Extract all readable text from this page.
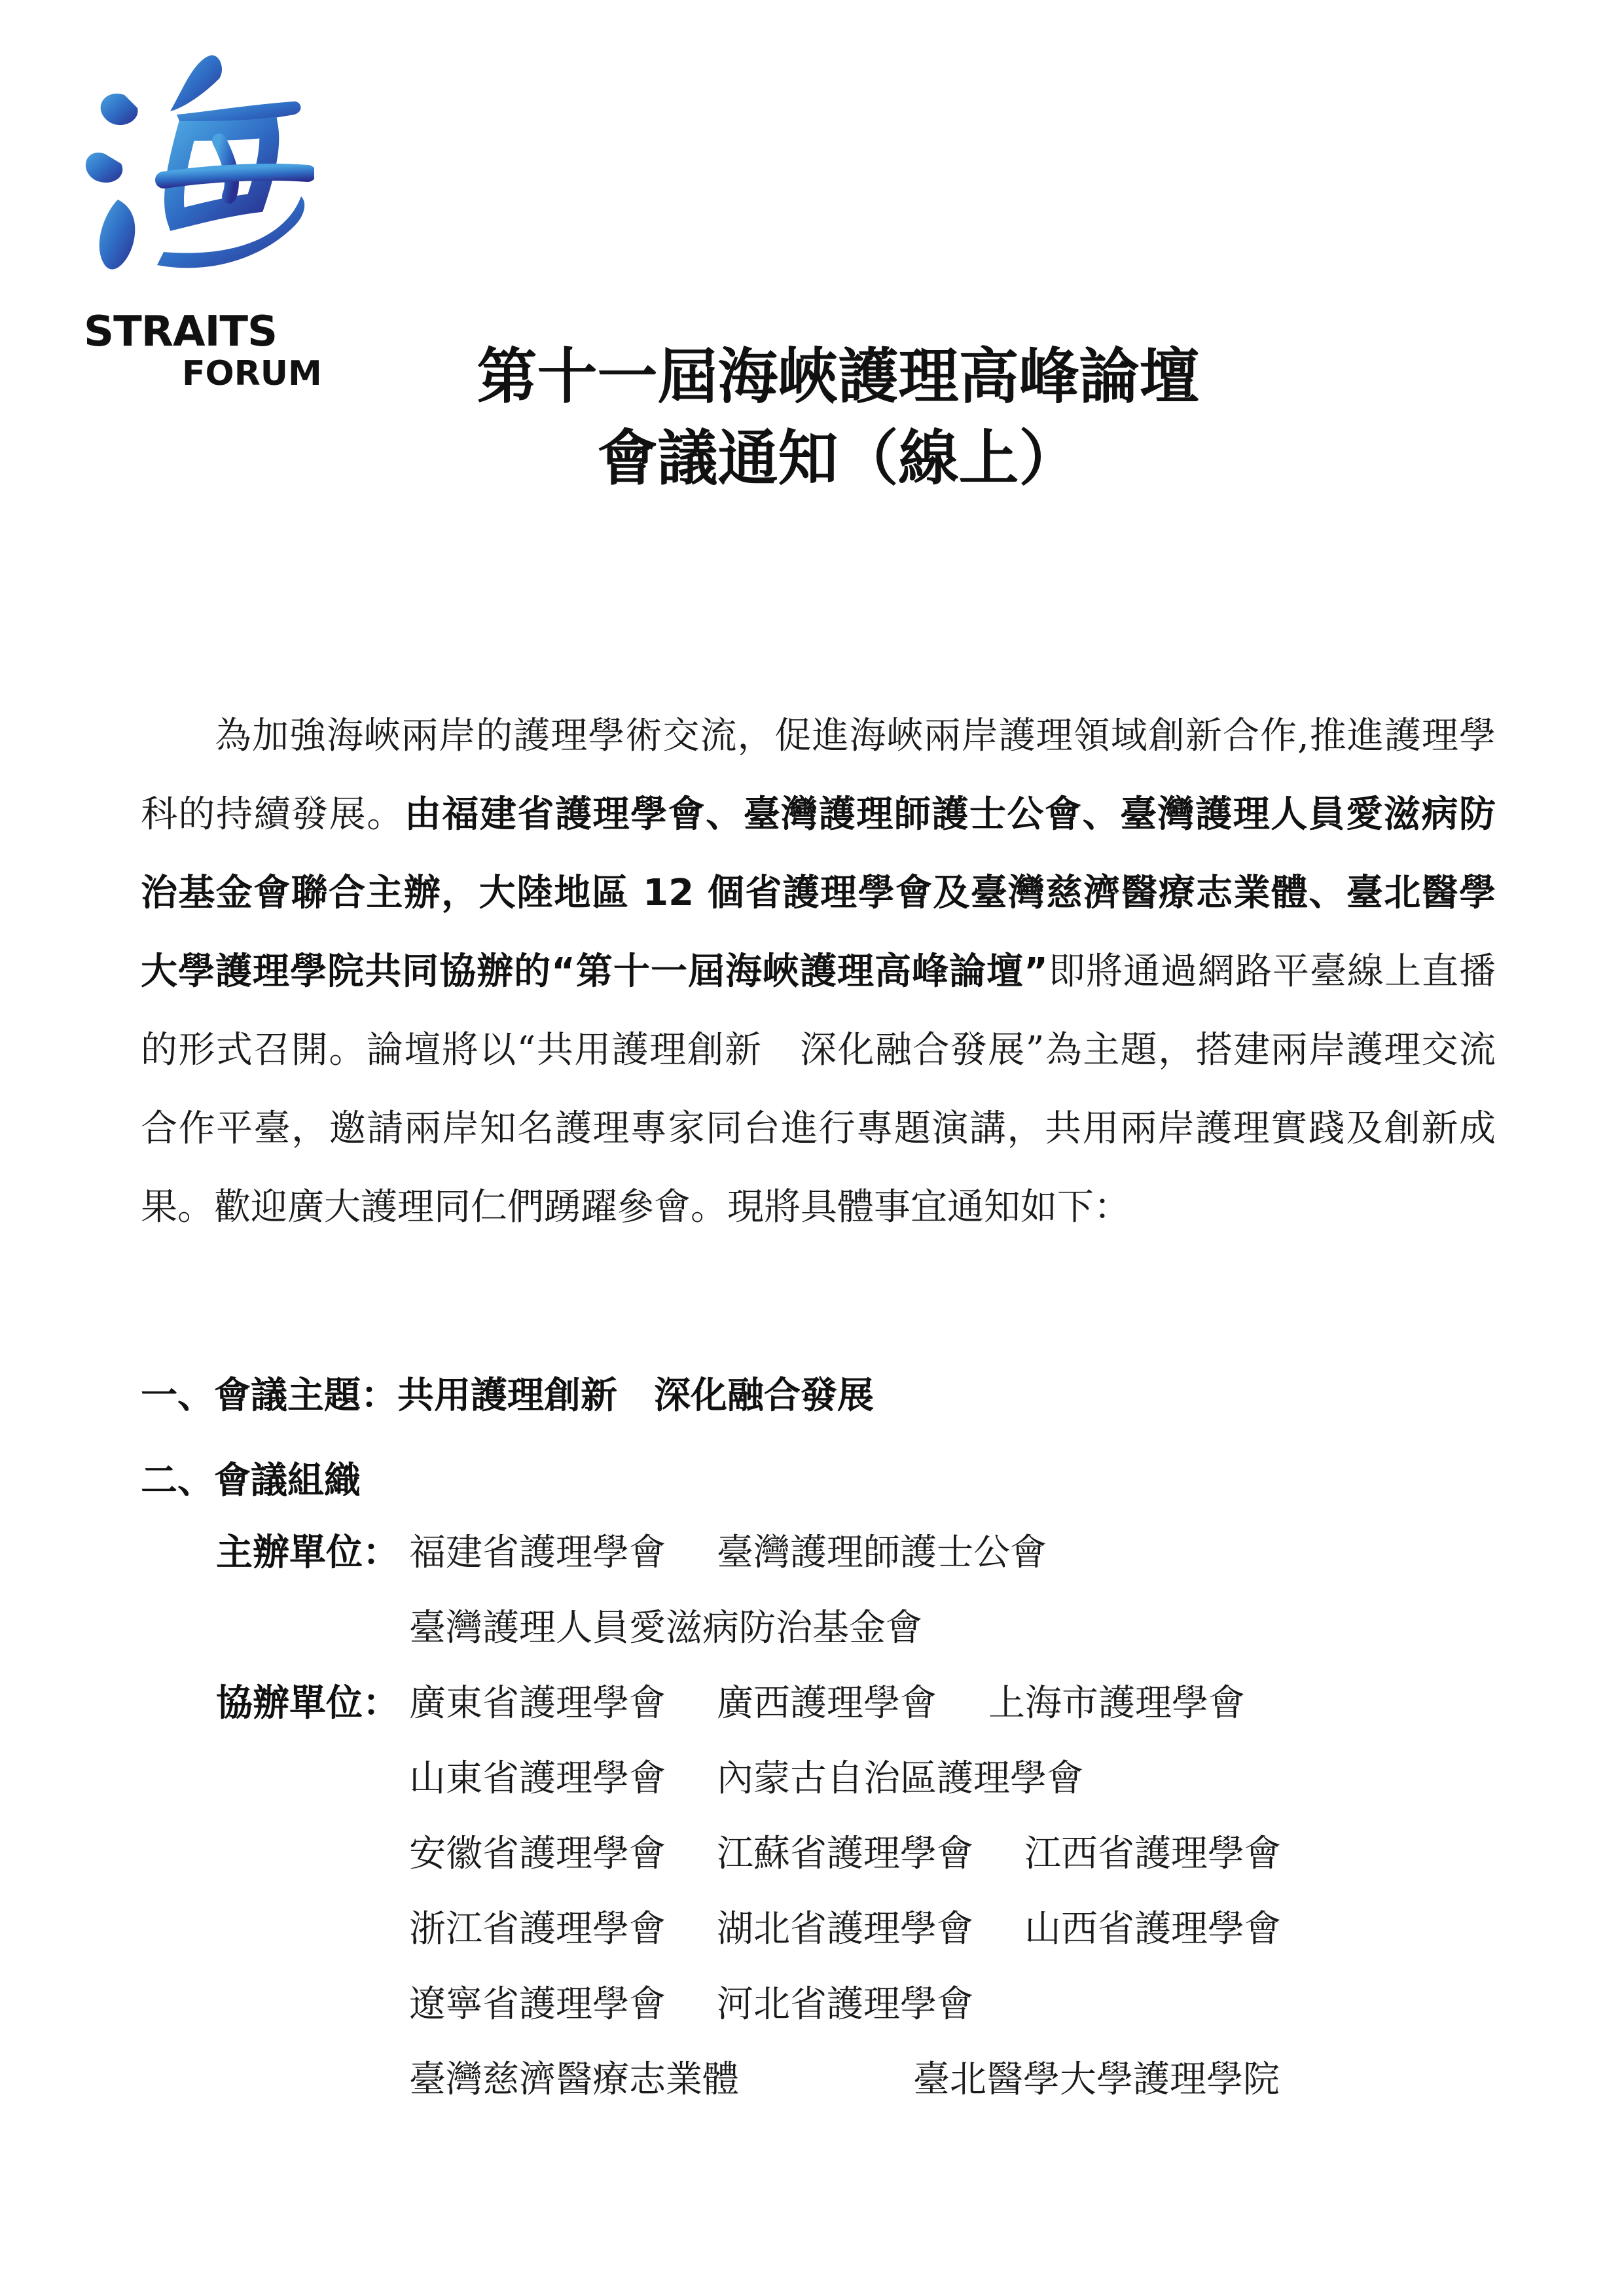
STRAITS
FORUM	第十一屆海峽護理高峰論壇
會議通知（線上）
為加強海峽兩岸的護理學術交流，促進海峽兩岸護理領域創新合作,推進護理學科的持續發展。由福建省護理學會、臺灣護理師護士公會、臺灣護理人員愛滋病防治基金會聯合主辦，大陸地區 12 個省護理學會及臺灣慈濟醫療志業體、臺北醫學大學護理學院共同協辦的“第十一屆海峽護理高峰論壇”即將通過網路平臺線上直播的形式召開。論壇將以“共用護理創新　深化融合發展”為主題，搭建兩岸護理交流合作平臺，邀請兩岸知名護理專家同台進行專題演講，共用兩岸護理實踐及創新成果。歡迎廣大護理同仁們踴躍參會。現將具體事宜通知如下：
一、會議主題：共用護理創新　深化融合發展
二、會議組織
主辦單位： 福建省護理學會 臺灣護理師護士公會
臺灣護理人員愛滋病防治基金會
協辦單位： 廣東省護理學會 廣西護理學會 上海市護理學會
山東省護理學會 內蒙古自治區護理學會
安徽省護理學會 江蘇省護理學會 江西省護理學會
浙江省護理學會 湖北省護理學會 山西省護理學會
遼寧省護理學會 河北省護理學會
臺灣慈濟醫療志業體	臺北醫學大學護理學院
